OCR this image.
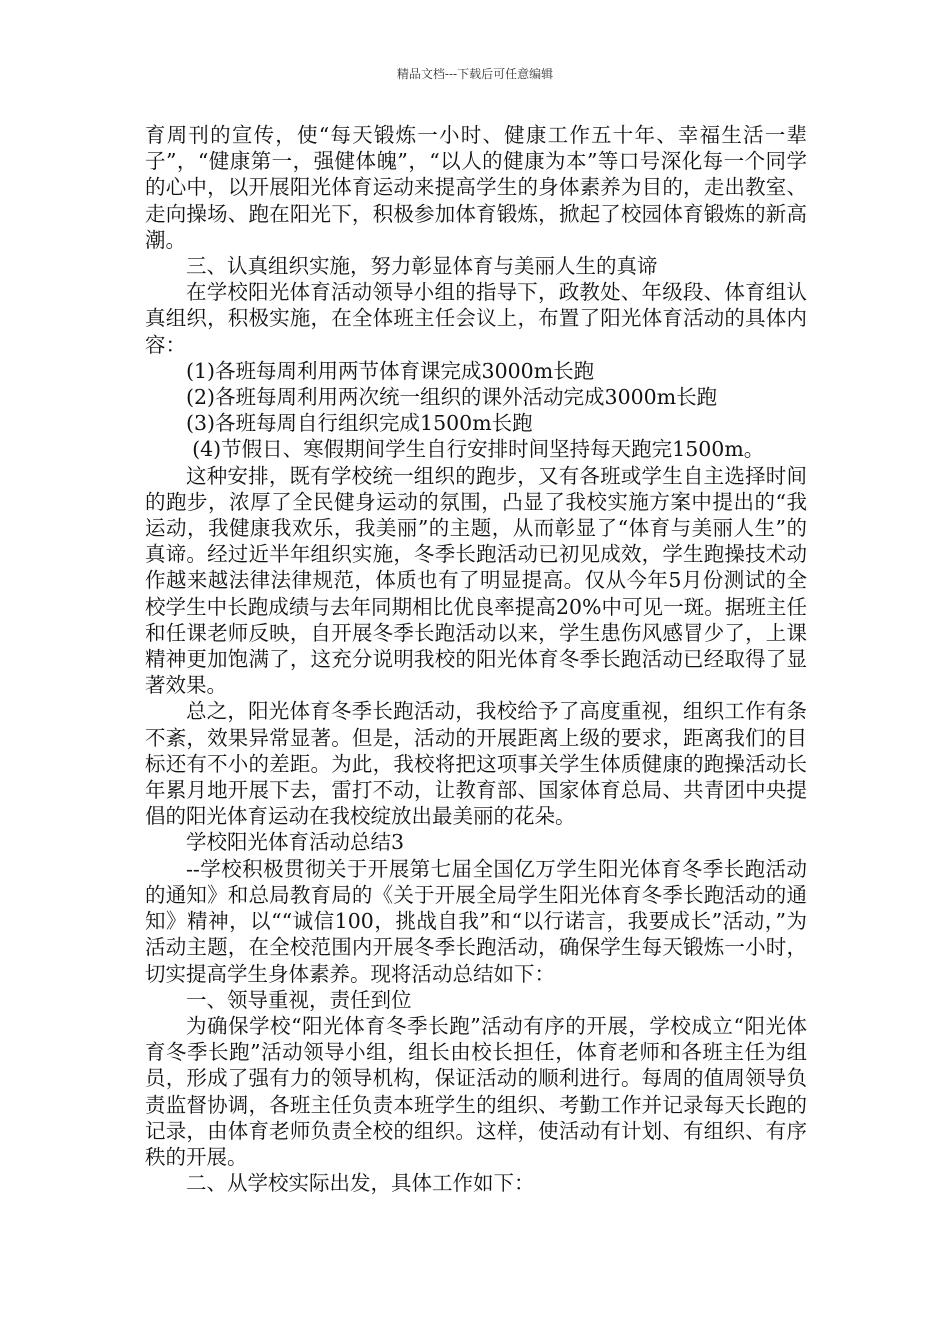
精品文档---下载后可任意编辑

育周刊的宣传，使“每天锻炼一小时、健康工作五十年、幸福生活一辈子”，“健康第一，强健体魄”，“以人的健康为本”等口号深化每一个同学的心中，以开展阳光体育运动来提高学生的身体素养为目的，走出教室、走向操场、跑在阳光下，积极参加体育锻炼，掀起了校园体育锻炼的新高潮。

三、认真组织实施，努力彰显体育与美丽人生的真谛

在学校阳光体育活动领导小组的指导下，政教处、年级段、体育组认真组织，积极实施，在全体班主任会议上，布置了阳光体育活动的具体内容：

(1)各班每周利用两节体育课完成3000m长跑

(2)各班每周利用两次统一组织的课外活动完成3000m长跑

(3)各班每周自行组织完成1500m长跑

(4)节假日、寒假期间学生自行安排时间坚持每天跑完1500m。

这种安排，既有学校统一组织的跑步，又有各班或学生自主选择时间的跑步，浓厚了全民健身运动的氛围，凸显了我校实施方案中提出的“我运动，我健康我欢乐，我美丽”的主题，从而彰显了“体育与美丽人生”的真谛。经过近半年组织实施，冬季长跑活动已初见成效，学生跑操技术动作越来越法律法律规范，体质也有了明显提高。仅从今年5月份测试的全校学生中长跑成绩与去年同期相比优良率提高20%中可见一斑。据班主任和任课老师反映，自开展冬季长跑活动以来，学生患伤风感冒少了，上课精神更加饱满了，这充分说明我校的阳光体育冬季长跑活动已经取得了显著效果。

总之，阳光体育冬季长跑活动，我校给予了高度重视，组织工作有条不紊，效果异常显著。但是，活动的开展距离上级的要求，距离我们的目标还有不小的差距。为此，我校将把这项事关学生体质健康的跑操活动长年累月地开展下去，雷打不动，让教育部、国家体育总局、共青团中央提倡的阳光体育运动在我校绽放出最美丽的花朵。

学校阳光体育活动总结3

--学校积极贯彻关于开展第七届全国亿万学生阳光体育冬季长跑活动的通知》和总局教育局的《关于开展全局学生阳光体育冬季长跑活动的通知》精神，以““诚信100，挑战自我”和“以行诺言，我要成长”活动，”为活动主题，在全校范围内开展冬季长跑活动，确保学生每天锻炼一小时，切实提高学生身体素养。现将活动总结如下：

一、领导重视，责任到位

为确保学校“阳光体育冬季长跑”活动有序的开展，学校成立“阳光体育冬季长跑”活动领导小组，组长由校长担任，体育老师和各班主任为组员，形成了强有力的领导机构，保证活动的顺利进行。每周的值周领导负责监督协调，各班主任负责本班学生的组织、考勤工作并记录每天长跑的记录，由体育老师负责全校的组织。这样，使活动有计划、有组织、有序秩的开展。

二、从学校实际出发，具体工作如下：
